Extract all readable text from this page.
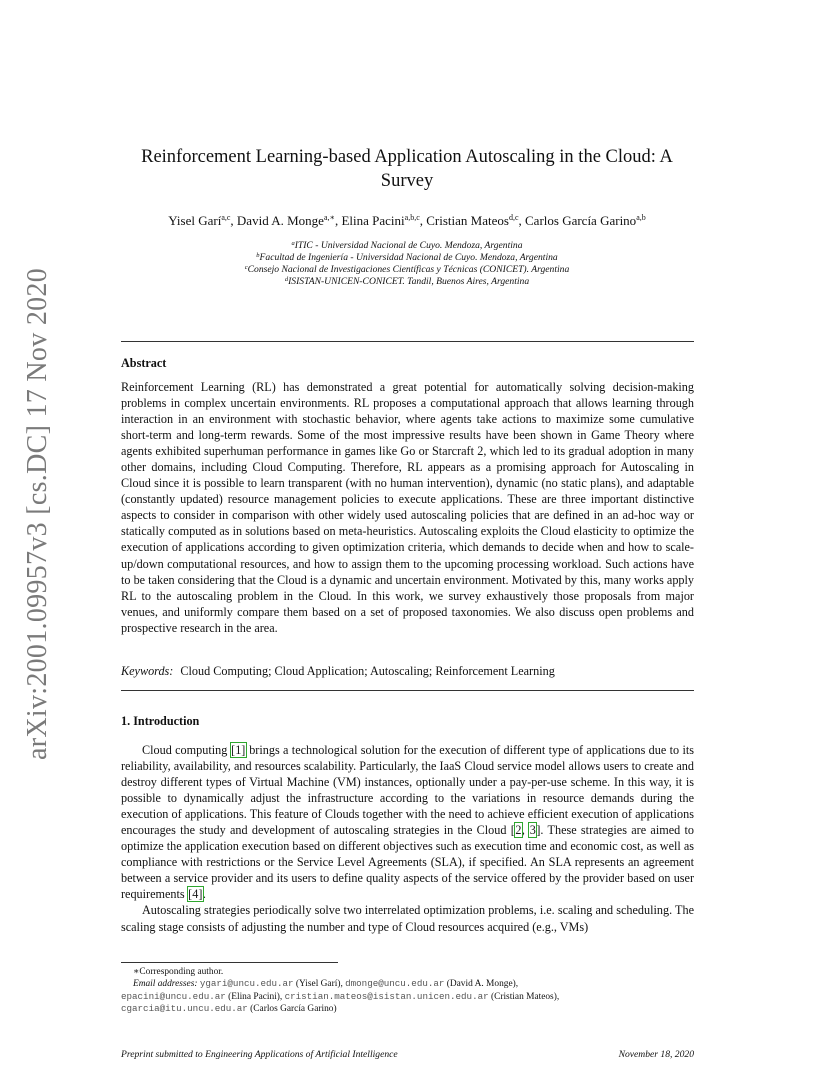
arXiv:2001.09957v3 [cs.DC] 17 Nov 2020
Reinforcement Learning-based Application Autoscaling in the Cloud: A Survey
Yisel Garí$^{a,c}$, David A. Monge$^{a,∗}$, Elina Pacini$^{a,b,c}$, Cristian Mateos$^{d,c}$, Carlos García Garino$^{a,b}$
$^a$ITIC - Universidad Nacional de Cuyo. Mendoza, Argentina
$^b$Facultad de Ingeniería - Universidad Nacional de Cuyo. Mendoza, Argentina
$^c$Consejo Nacional de Investigaciones Científicas y Técnicas (CONICET). Argentina
$^d$ISISTAN-UNICEN-CONICET. Tandil, Buenos Aires, Argentina
Abstract
Reinforcement Learning (RL) has demonstrated a great potential for automatically solving decision-making problems in complex uncertain environments. RL proposes a computational approach that allows learning through interaction in an environment with stochastic behavior, where agents take actions to maximize some cumulative short-term and long-term rewards. Some of the most impressive results have been shown in Game Theory where agents exhibited superhuman performance in games like Go or Starcraft 2, which led to its gradual adoption in many other domains, including Cloud Computing. Therefore, RL appears as a promising approach for Autoscaling in Cloud since it is possible to learn transparent (with no human intervention), dynamic (no static plans), and adaptable (constantly updated) resource management policies to execute applications. These are three important distinctive aspects to consider in comparison with other widely used autoscaling policies that are defined in an ad-hoc way or statically computed as in solutions based on meta-heuristics. Autoscaling exploits the Cloud elasticity to optimize the execution of applications according to given optimization criteria, which demands to decide when and how to scale-up/down computational resources, and how to assign them to the upcoming processing workload. Such actions have to be taken considering that the Cloud is a dynamic and uncertain environment. Motivated by this, many works apply RL to the autoscaling problem in the Cloud. In this work, we survey exhaustively those proposals from major venues, and uniformly compare them based on a set of proposed taxonomies. We also discuss open problems and prospective research in the area.
Keywords: Cloud Computing; Cloud Application; Autoscaling; Reinforcement Learning
1. Introduction

Cloud computing [1] brings a technological solution for the execution of different type of applications due to its reliability, availability, and resources scalability. Particularly, the IaaS Cloud service model allows users to create and destroy different types of Virtual Machine (VM) instances, optionally under a pay-per-use scheme. In this way, it is possible to dynamically adjust the infrastructure according to the variations in resource demands during the execution of applications. This feature of Clouds together with the need to achieve efficient execution of applications encourages the study and development of autoscaling strategies in the Cloud [2, 3]. These strategies are aimed to optimize the application execution based on different objectives such as execution time and economic cost, as well as compliance with restrictions or the Service Level Agreements (SLA), if specified. An SLA represents an agreement between a service provider and its users to define quality aspects of the service offered by the provider based on user requirements [4].

Autoscaling strategies periodically solve two interrelated optimization problems, i.e. scaling and scheduling. The scaling stage consists of adjusting the number and type of Cloud resources acquired (e.g., VMs)

∗Corresponding author.
Email addresses: ygari@uncu.edu.ar (Yisel Garí), dmonge@uncu.edu.ar (David A. Monge),
epacini@uncu.edu.ar (Elina Pacini), cristian.mateos@isistan.unicen.edu.ar (Cristian Mateos),
cgarcia@itu.uncu.edu.ar (Carlos García Garino)
Preprint submitted to Engineering Applications of Artificial Intelligence	November 18, 2020
